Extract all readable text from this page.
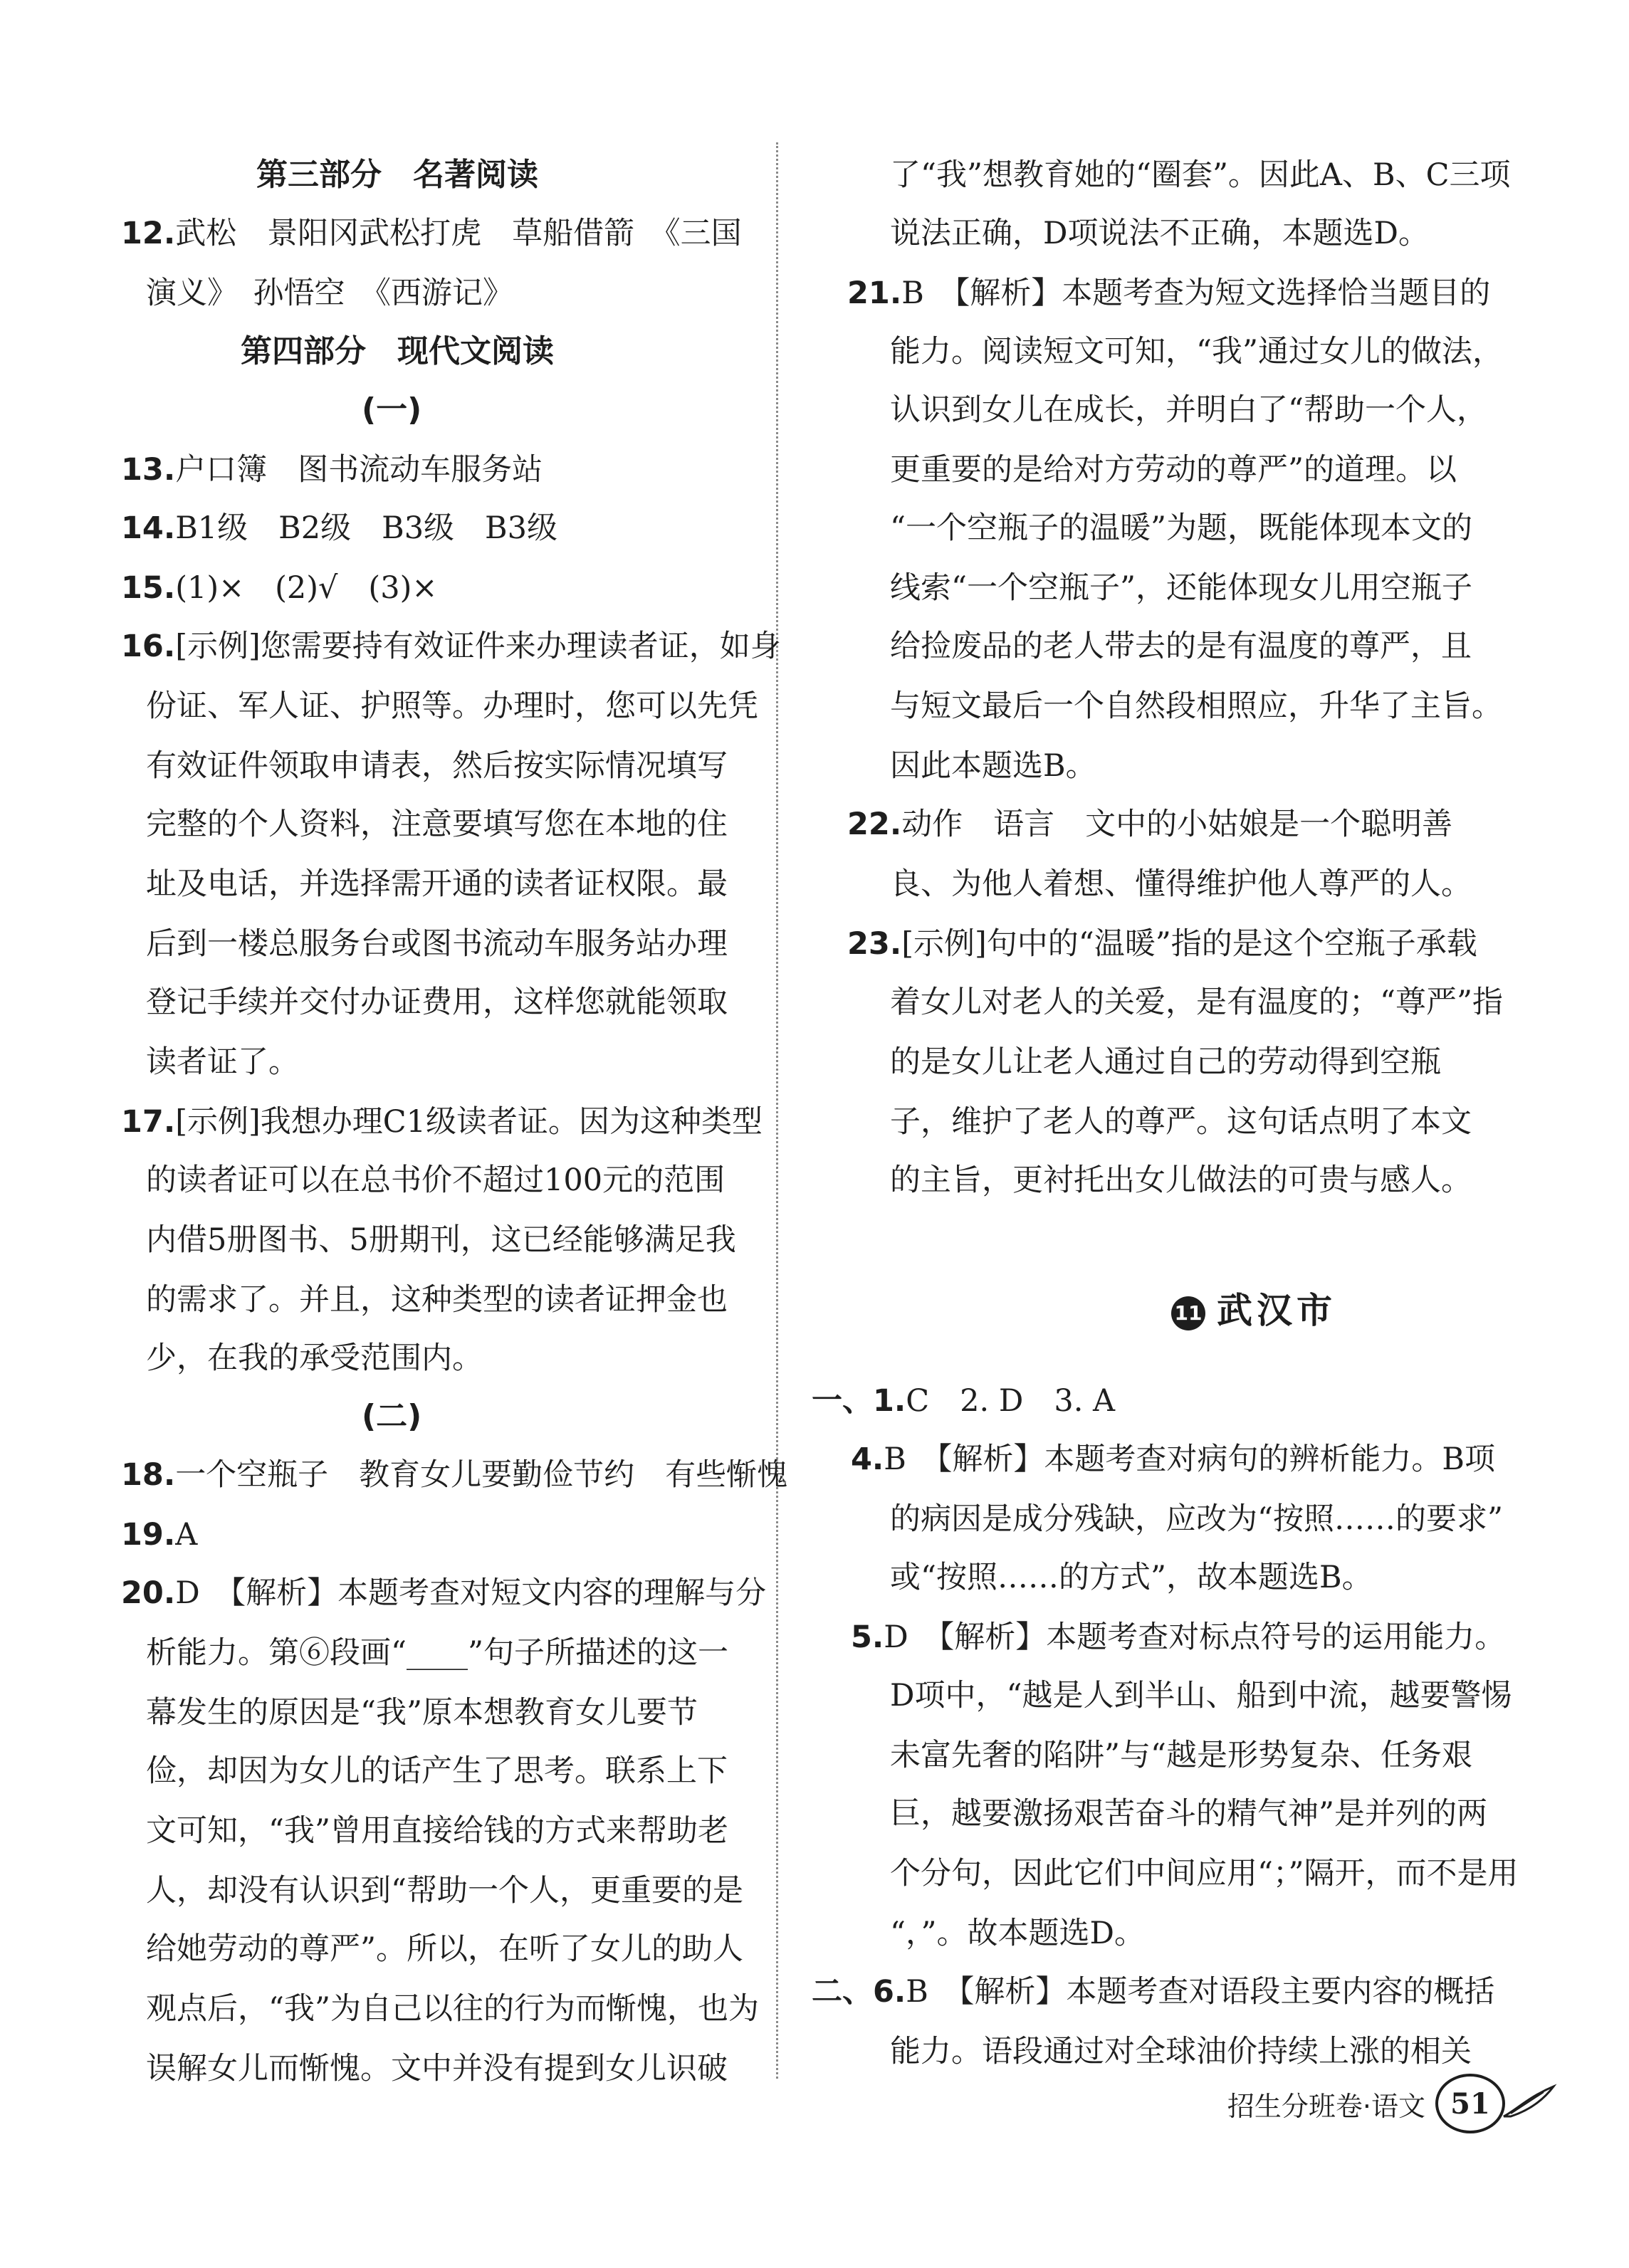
第三部分　名著阅读
12.武松　景阳冈武松打虎　草船借箭　《三国
演义》　孙悟空　《西游记》
第四部分　现代文阅读
(一)
13.户口簿　图书流动车服务站
14.B1级　B2级　B3级　B3级
15.(1)×　(2)√　(3)×
16.[示例]您需要持有效证件来办理读者证，如身
份证、军人证、护照等。办理时，您可以先凭
有效证件领取申请表，然后按实际情况填写
完整的个人资料，注意要填写您在本地的住
址及电话，并选择需开通的读者证权限。最
后到一楼总服务台或图书流动车服务站办理
登记手续并交付办证费用，这样您就能领取
读者证了。
17.[示例]我想办理C1级读者证。因为这种类型
的读者证可以在总书价不超过100元的范围
内借5册图书、5册期刊，这已经能够满足我
的需求了。并且，这种类型的读者证押金也
少，在我的承受范围内。
(二)
18.一个空瓶子　教育女儿要勤俭节约　有些惭愧
19.A
20.D　【解析】本题考查对短文内容的理解与分
析能力。第⑥段画“____”句子所描述的这一
幕发生的原因是“我”原本想教育女儿要节
俭，却因为女儿的话产生了思考。联系上下
文可知，“我”曾用直接给钱的方式来帮助老
人，却没有认识到“帮助一个人，更重要的是
给她劳动的尊严”。所以，在听了女儿的助人
观点后，“我”为自己以往的行为而惭愧，也为
误解女儿而惭愧。文中并没有提到女儿识破
11 武汉市
了“我”想教育她的“圈套”。因此A、B、C三项
说法正确，D项说法不正确，本题选D。
21.B　【解析】本题考查为短文选择恰当题目的
能力。阅读短文可知，“我”通过女儿的做法，
认识到女儿在成长，并明白了“帮助一个人，
更重要的是给对方劳动的尊严”的道理。以
“一个空瓶子的温暖”为题，既能体现本文的
线索“一个空瓶子”，还能体现女儿用空瓶子
给捡废品的老人带去的是有温度的尊严，且
与短文最后一个自然段相照应，升华了主旨。
因此本题选B。
22.动作　语言　文中的小姑娘是一个聪明善
良、为他人着想、懂得维护他人尊严的人。
23.[示例]句中的“温暖”指的是这个空瓶子承载
着女儿对老人的关爱，是有温度的；“尊严”指
的是女儿让老人通过自己的劳动得到空瓶
子，维护了老人的尊严。这句话点明了本文
的主旨，更衬托出女儿做法的可贵与感人。
一、1.C　2. D　3. A
4.B　【解析】本题考查对病句的辨析能力。B项
的病因是成分残缺，应改为“按照……的要求”
或“按照……的方式”，故本题选B。
5.D　【解析】本题考查对标点符号的运用能力。
D项中，“越是人到半山、船到中流，越要警惕
未富先奢的陷阱”与“越是形势复杂、任务艰
巨，越要激扬艰苦奋斗的精气神”是并列的两
个分句，因此它们中间应用“；”隔开，而不是用
“，”。故本题选D。
二、6.B　【解析】本题考查对语段主要内容的概括
能力。语段通过对全球油价持续上涨的相关
招生分班卷·语文 51
